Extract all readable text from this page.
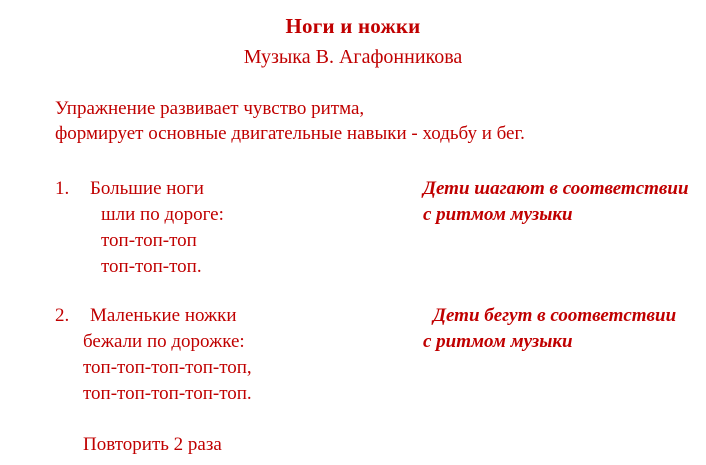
Ноги и ножки
Музыка В. Агафонникова
Упражнение развивает чувство ритма,
формирует основные двигательные навыки - ходьбу и бег.
1.	Большие ноги	Дети шагают в соответствии
шли по дороге:	с ритмом музыки
топ-топ-топ
топ-топ-топ.
2.	Маленькие ножки	Дети бегут в соответствии
бежали по дорожке:	с ритмом музыки
топ-топ-топ-топ-топ,
топ-топ-топ-топ-топ.
Повторить 2 раза
